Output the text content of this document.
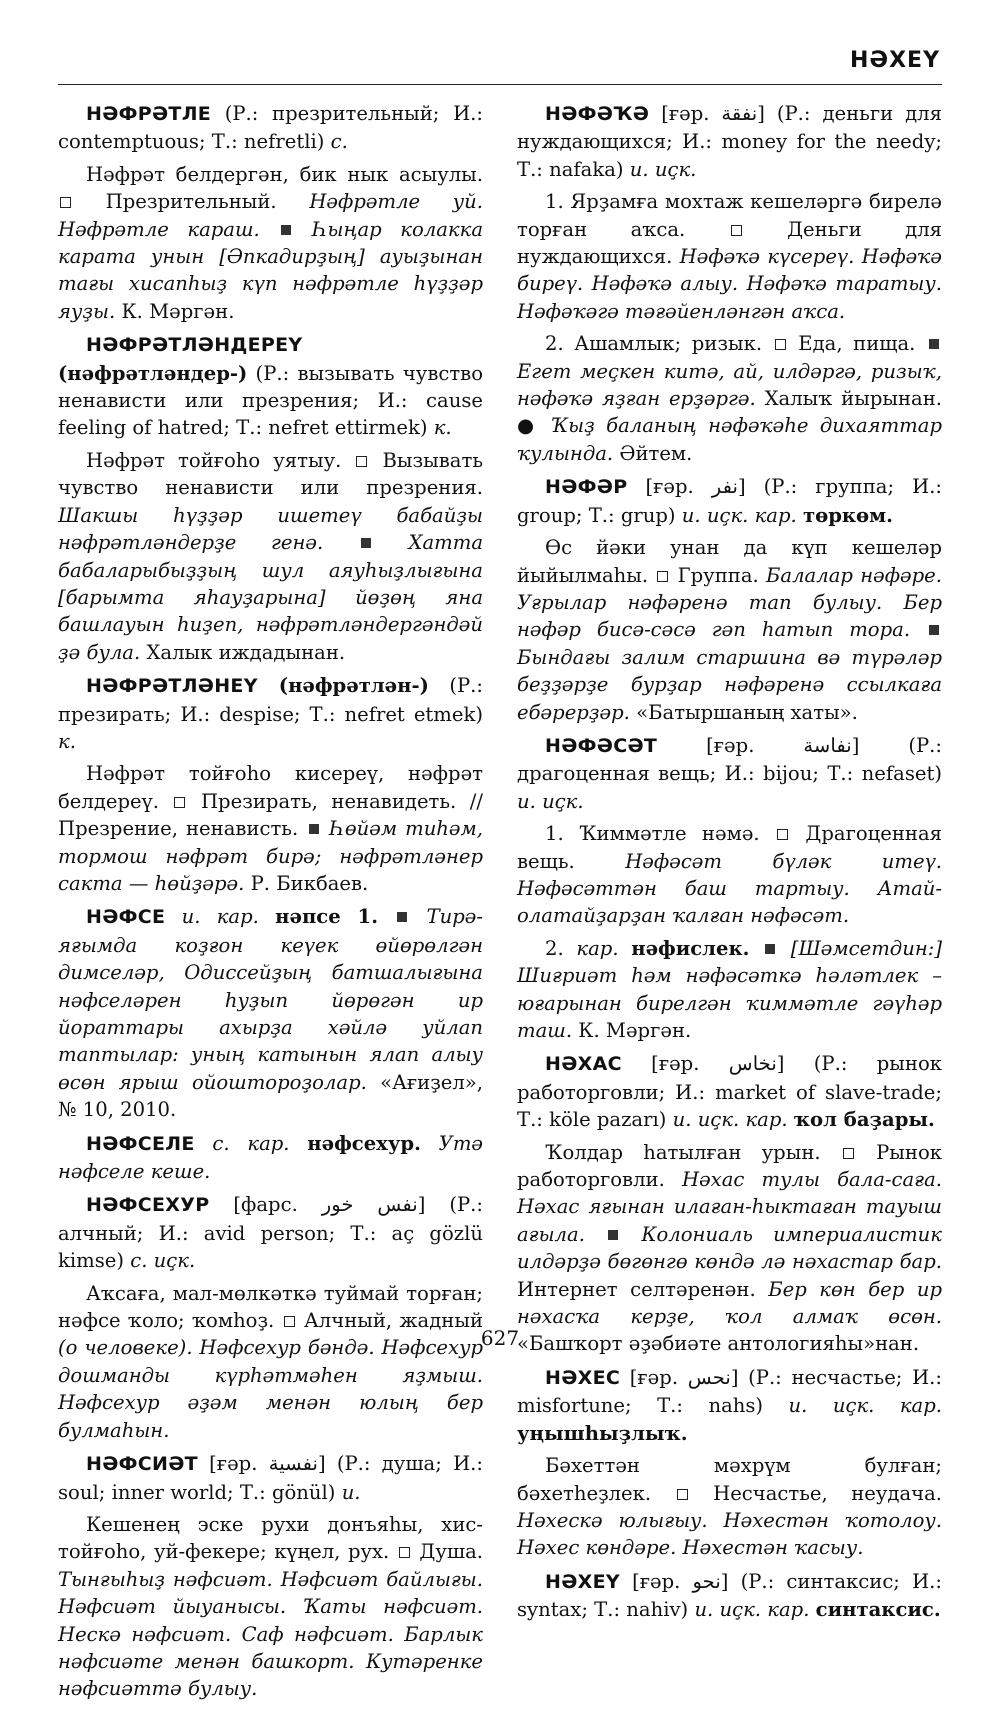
НӘХЕҮ

НӘФРӘТЛЕ (Р.: презрительный; И.: contemptuous; Т.: nefretli) с.

Нәфрәт белдергән, бик нык асыулы.  Презрительный. Нәфрәтле уй. Нәфрәтле караш.  Һыңар колакка карата унын [Әпкадирҙың] ауыҙынан тағы хисапһыҙ күп нәфрәтле һүҙҙәр яуҙы. К. Мәргән.

НӘФРӘТЛӘНДЕРЕҮ (нәфрәтләндер-) (Р.: вызывать чувство ненависти или презрения; И.: cause feeling of hatred; Т.: nefret ettirmek) к.

Нәфрәт тойғоһо уятыу.  Вызывать чувство ненависти или презрения. Шакшы һүҙҙәр ишетеү бабайҙы нәфрәтләндерҙе генә.  Хатта бабаларыбыҙҙың шул аяуһыҙлығына [барымта яһауҙарына] йөҙөң яна башлауын һиҙеп, нәфрәтләндергәндәй ҙә була. Халык иждадынан.

НӘФРӘТЛӘНЕҮ (нәфрәтлән-) (Р.: презирать; И.: despise; Т.: nefret etmek) к.

Нәфрәт тойғоһо кисереү, нәфрәт белдереү.  Презирать, ненавидеть. // Презрение, ненависть.  Һөйәм тиһәм, тормош нәфрәт бирә; нәфрәтләнер сакта — һөйҙәрә. Р. Бикбаев.

НӘФСЕ и. кар. нәпсе 1.  Тирә-яғымда коҙғон кеүек өйөрөлгән димселәр, Одиссейҙың батшалығына нәфселәрен һуҙып йөрөгән ир йораттары ахырҙа хәйлә уйлап таптылар: уның катынын ялап алыу өсөн ярыш ойоштороҙолар. «Ағиҙел», № 10, 2010.

НӘФСЕЛЕ с. кар. нәфсехур. Утә нәфселе кеше.

НӘФСЕХУР [фарс. نفس خور] (Р.: алчный; И.: avid person; Т.: aç gözlü kimse) с. иҫк.

Аҡсаға, мал-мөлкәткә туймай торған; нәфсе ҡоло; ҡомһоҙ.  Алчный, жадный (о человеке). Нәфсехур бәндә. Нәфсехур дошманды күрһәтмәһен яҙмыш. Нәфсехур әҙәм менән юлың бер булмаһын.

НӘФСИӘТ [ғәр. نفسية] (Р.: душа; И.: soul; inner world; Т.: gönül) и.

Кешенең эске рухи донъяһы, хис-тойғоһо, уй-фекере; күңел, рух.  Душа. Тынғыһыҙ нәфсиәт. Нәфсиәт байлығы. Нәфсиәт йыуанысы. Ҡаты нәфсиәт. Нескә нәфсиәт. Саф нәфсиәт. Барлык нәфсиәте менән башкорт. Кутәренке нәфсиәттә булыу.

НӘФӘҠӘ [ғәр. نفقة] (Р.: деньги для нуждающихся; И.: money for the needy; Т.: nafaka) и. иҫк.

1. Ярҙамға мохтаж кешеләргә бирелә торған аҡса.  Деньги для нуждающихся. Нәфәҡә күсереү. Нәфәҡә биреү. Нәфәҡә алыу. Нәфәҡә таратыу. Нәфәҡәгә тәғәйенләнгән аҡса.

2. Ашамлык; ризык.  Еда, пища.  Егет меҫкен китә, ай, илдәргә, ризыҡ, нәфәҡә яҙған ерҙәргә. Халыҡ йырынан. ● Ҡыҙ баланың нәфәҡәһе дихаяттар ҡулында. Әйтем.

НӘФӘР [ғәр. نفر] (Р.: группа; И.: group; Т.: grup) и. иҫк. кар. төркөм.

Өс йәки унан да күп кешеләр йыйылмаһы.  Группа. Балалар нәфәре. Уғрылар нәфәренә тап булыу. Бер нәфәр бисә-сәсә гәп һатып тора.  Бындағы залим старшина вә түрәләр беҙҙәрҙе бурҙар нәфәренә ссылкаға ебәрерҙәр. «Батыршаның хаты».

НӘФӘСӘТ [ғәр. نفاسة] (Р.: драгоценная вещь; И.: bijou; Т.: nefaset) и. иҫк.

1. Ҡиммәтле нәмә.  Драгоценная вещь. Нәфәсәт бүләк итеү. Нәфәсәттән баш тартыу. Атай-олатайҙарҙан ҡалған нәфәсәт.

2. кар. нәфислек.  [Шәмсетдин:] Шиғриәт һәм нәфәсәткә һәләтлек – юғарынан бирелгән ҡиммәтле гәүһәр таш. К. Мәргән.

НӘХАС [ғәр. نخاس] (Р.: рынок работорговли; И.: market of slave-trade; Т.: köle pazarı) и. иҫк. кар. ҡол баҙары.

Ҡолдар һатылған урын.  Рынок работорговли. Нәхас тулы бала-сағa. Нәхас яғынан илаған-һыктаған тауыш ағыла.  Колониаль империалистик илдәрҙә бөгөнгө көндә лә нәхастар бар. Интернет селтәренән. Бер көн бер ир нәхасҡа керҙе, ҡол алмаҡ өсөн. «Башҡорт әҙәбиәте антологияһы»нан.

НӘХЕС [ғәр. نحس] (Р.: несчастье; И.: misfortune; Т.: nahs) и. иҫк. кар. уңышһыҙлыҡ.

Бәхеттән мәхрүм булған; бәхетһеҙлек.  Несчастье, неудача. Нәхескә юлығыу. Нәхестән ҡотолоу. Нәхес көндәре. Нәхестән ҡасыу.

НӘХЕҮ [ғәр. نحو] (Р.: синтаксис; И.: syntax; Т.: nahiv) и. иҫк. кар. синтаксис.

627
